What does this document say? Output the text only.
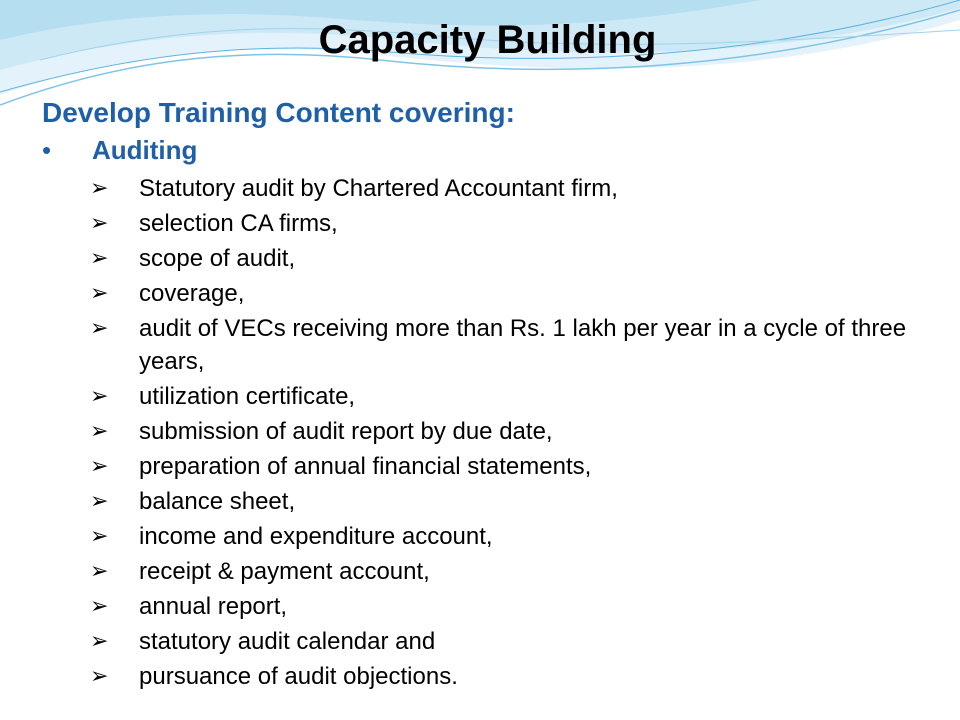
Capacity Building
Develop Training Content covering:
• Auditing
➢ Statutory audit by Chartered Accountant firm,
➢ selection CA firms,
➢ scope of audit,
➢ coverage,
➢ audit of VECs receiving more than Rs. 1 lakh per year in a cycle of three years,
➢ utilization certificate,
➢ submission of audit report by due date,
➢ preparation of annual financial statements,
➢ balance sheet,
➢ income and expenditure account,
➢ receipt & payment account,
➢ annual report,
➢ statutory audit calendar and
➢ pursuance of audit objections.
